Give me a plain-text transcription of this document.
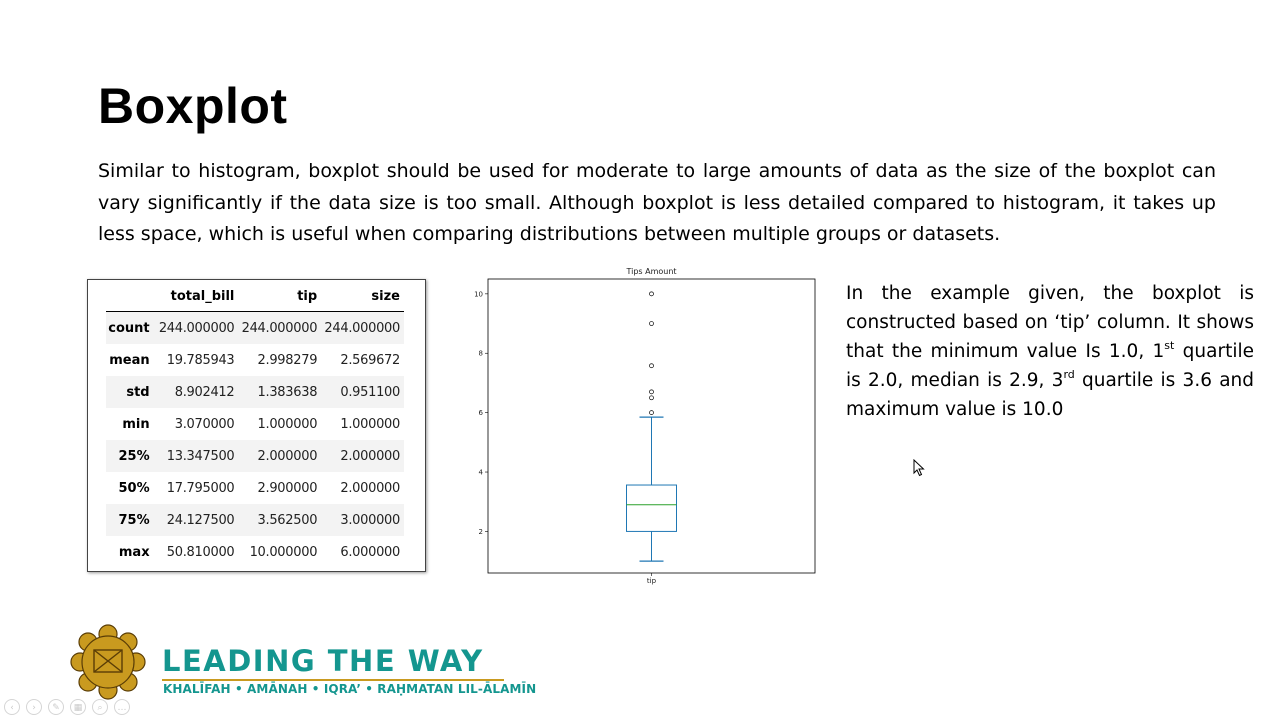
Boxplot
Similar to histogram, boxplot should be used for moderate to large amounts of data as the size of the boxplot can vary significantly if the data size is too small. Although boxplot is less detailed compared to histogram, it takes up less space, which is useful when comparing distributions between multiple groups or datasets.
	total_bill	tip	size
count	244.000000	244.000000	244.000000
mean	19.785943	2.998279	2.569672
std	8.902412	1.383638	0.951100
min	3.070000	1.000000	1.000000
25%	13.347500	2.000000	2.000000
50%	17.795000	2.900000	2.000000
75%	24.127500	3.562500	3.000000
max	50.810000	10.000000	6.000000
Tips Amount
2
4
6
8
10
tip
In the example given, the boxplot is constructed based on ‘tip’ column. It shows that the minimum value Is 1.0, 1st quartile is 2.0, median is 2.9, 3rd quartile is 3.6 and maximum value is 10.0
LEADING THE WAY
KHALĪFAH • AMĀNAH • IQRA’ • RAḤMATAN LIL-ĀLAMĪN
‹	›	✎	▦	⌕	…
